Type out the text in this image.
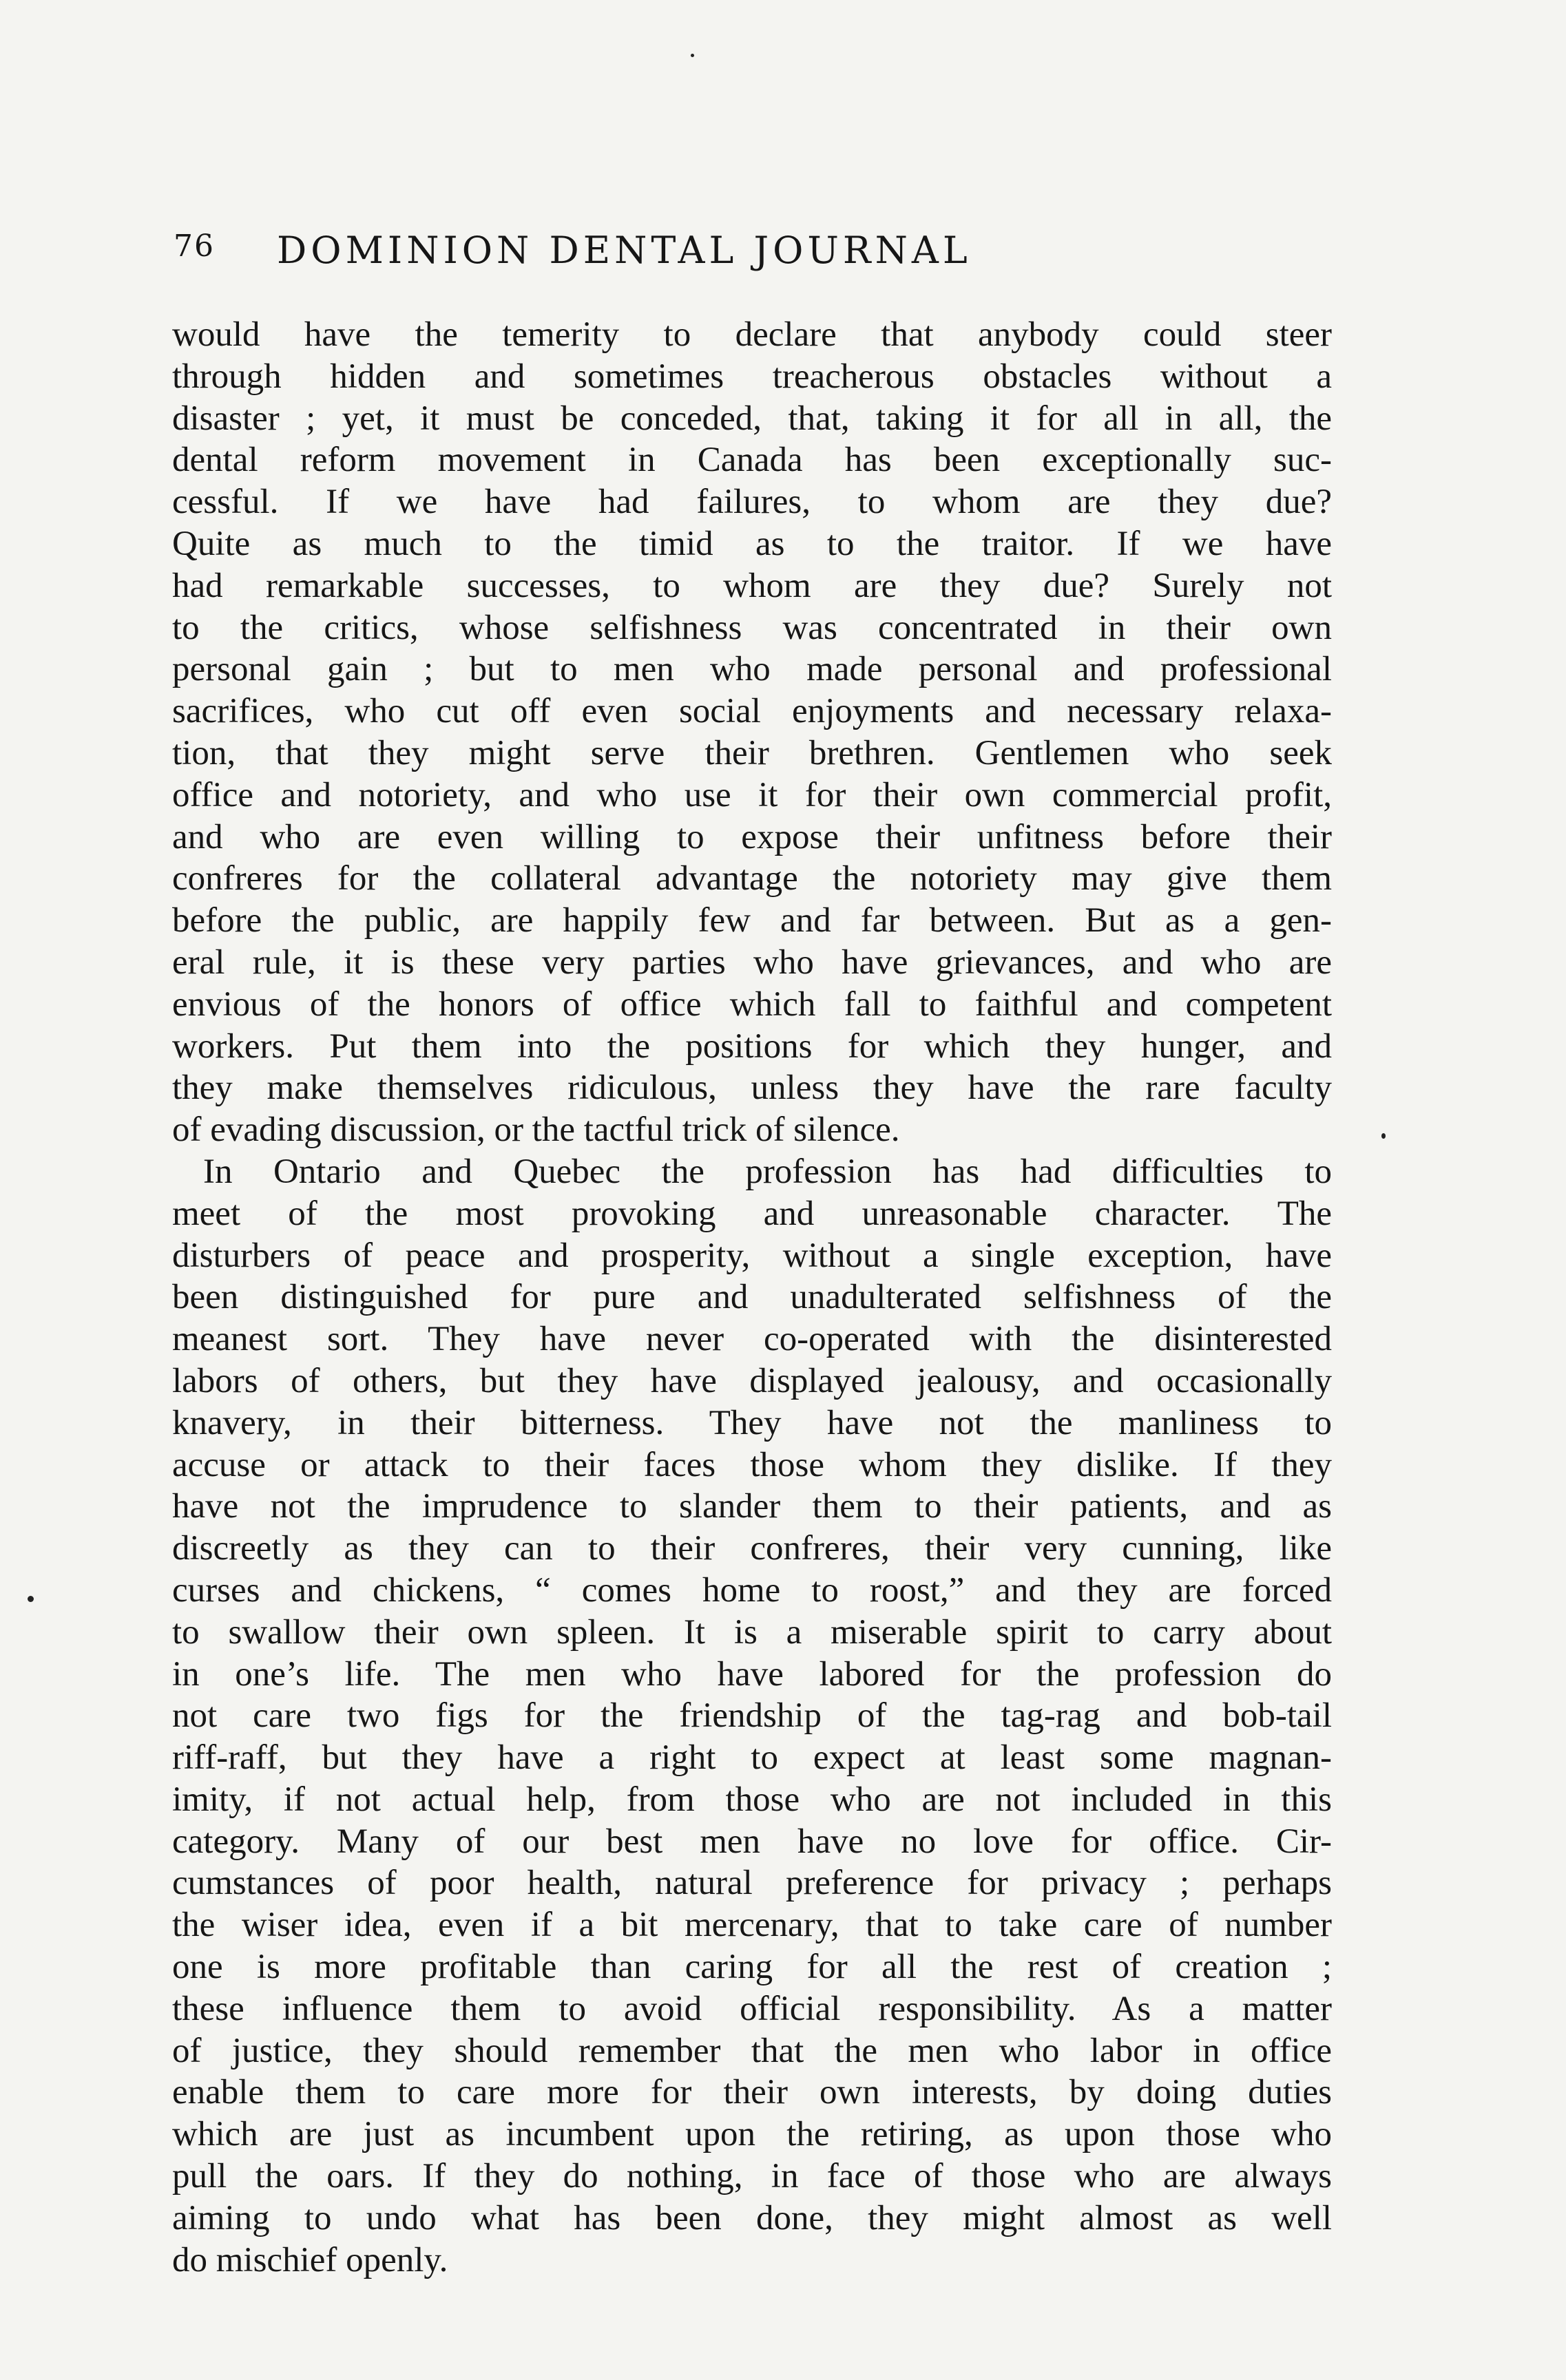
76 DOMINION DENTAL JOURNAL
would have the temerity to declare that anybody could steer
through hidden and sometimes treacherous obstacles without a
disaster ; yet, it must be conceded, that, taking it for all in all, the
dental reform movement in Canada has been exceptionally suc-
cessful. If we have had failures, to whom are they due?
Quite as much to the timid as to the traitor. If we have
had remarkable successes, to whom are they due? Surely not
to the critics, whose selfishness was concentrated in their own
personal gain ; but to men who made personal and professional
sacrifices, who cut off even social enjoyments and necessary relaxa-
tion, that they might serve their brethren. Gentlemen who seek
office and notoriety, and who use it for their own commercial profit,
and who are even willing to expose their unfitness before their
confreres for the collateral advantage the notoriety may give them
before the public, are happily few and far between. But as a gen-
eral rule, it is these very parties who have grievances, and who are
envious of the honors of office which fall to faithful and competent
workers. Put them into the positions for which they hunger, and
they make themselves ridiculous, unless they have the rare faculty
of evading discussion, or the tactful trick of silence.
In Ontario and Quebec the profession has had difficulties to
meet of the most provoking and unreasonable character. The
disturbers of peace and prosperity, without a single exception, have
been distinguished for pure and unadulterated selfishness of the
meanest sort. They have never co-operated with the disinterested
labors of others, but they have displayed jealousy, and occasionally
knavery, in their bitterness. They have not the manliness to
accuse or attack to their faces those whom they dislike. If they
have not the imprudence to slander them to their patients, and as
discreetly as they can to their confreres, their very cunning, like
curses and chickens, “ comes home to roost,” and they are forced
to swallow their own spleen. It is a miserable spirit to carry about
in one’s life. The men who have labored for the profession do
not care two figs for the friendship of the tag-rag and bob-tail
riff-raff, but they have a right to expect at least some magnan-
imity, if not actual help, from those who are not included in this
category. Many of our best men have no love for office. Cir-
cumstances of poor health, natural preference for privacy ; perhaps
the wiser idea, even if a bit mercenary, that to take care of number
one is more profitable than caring for all the rest of creation ;
these influence them to avoid official responsibility. As a matter
of justice, they should remember that the men who labor in office
enable them to care more for their own interests, by doing duties
which are just as incumbent upon the retiring, as upon those who
pull the oars. If they do nothing, in face of those who are always
aiming to undo what has been done, they might almost as well
do mischief openly.
